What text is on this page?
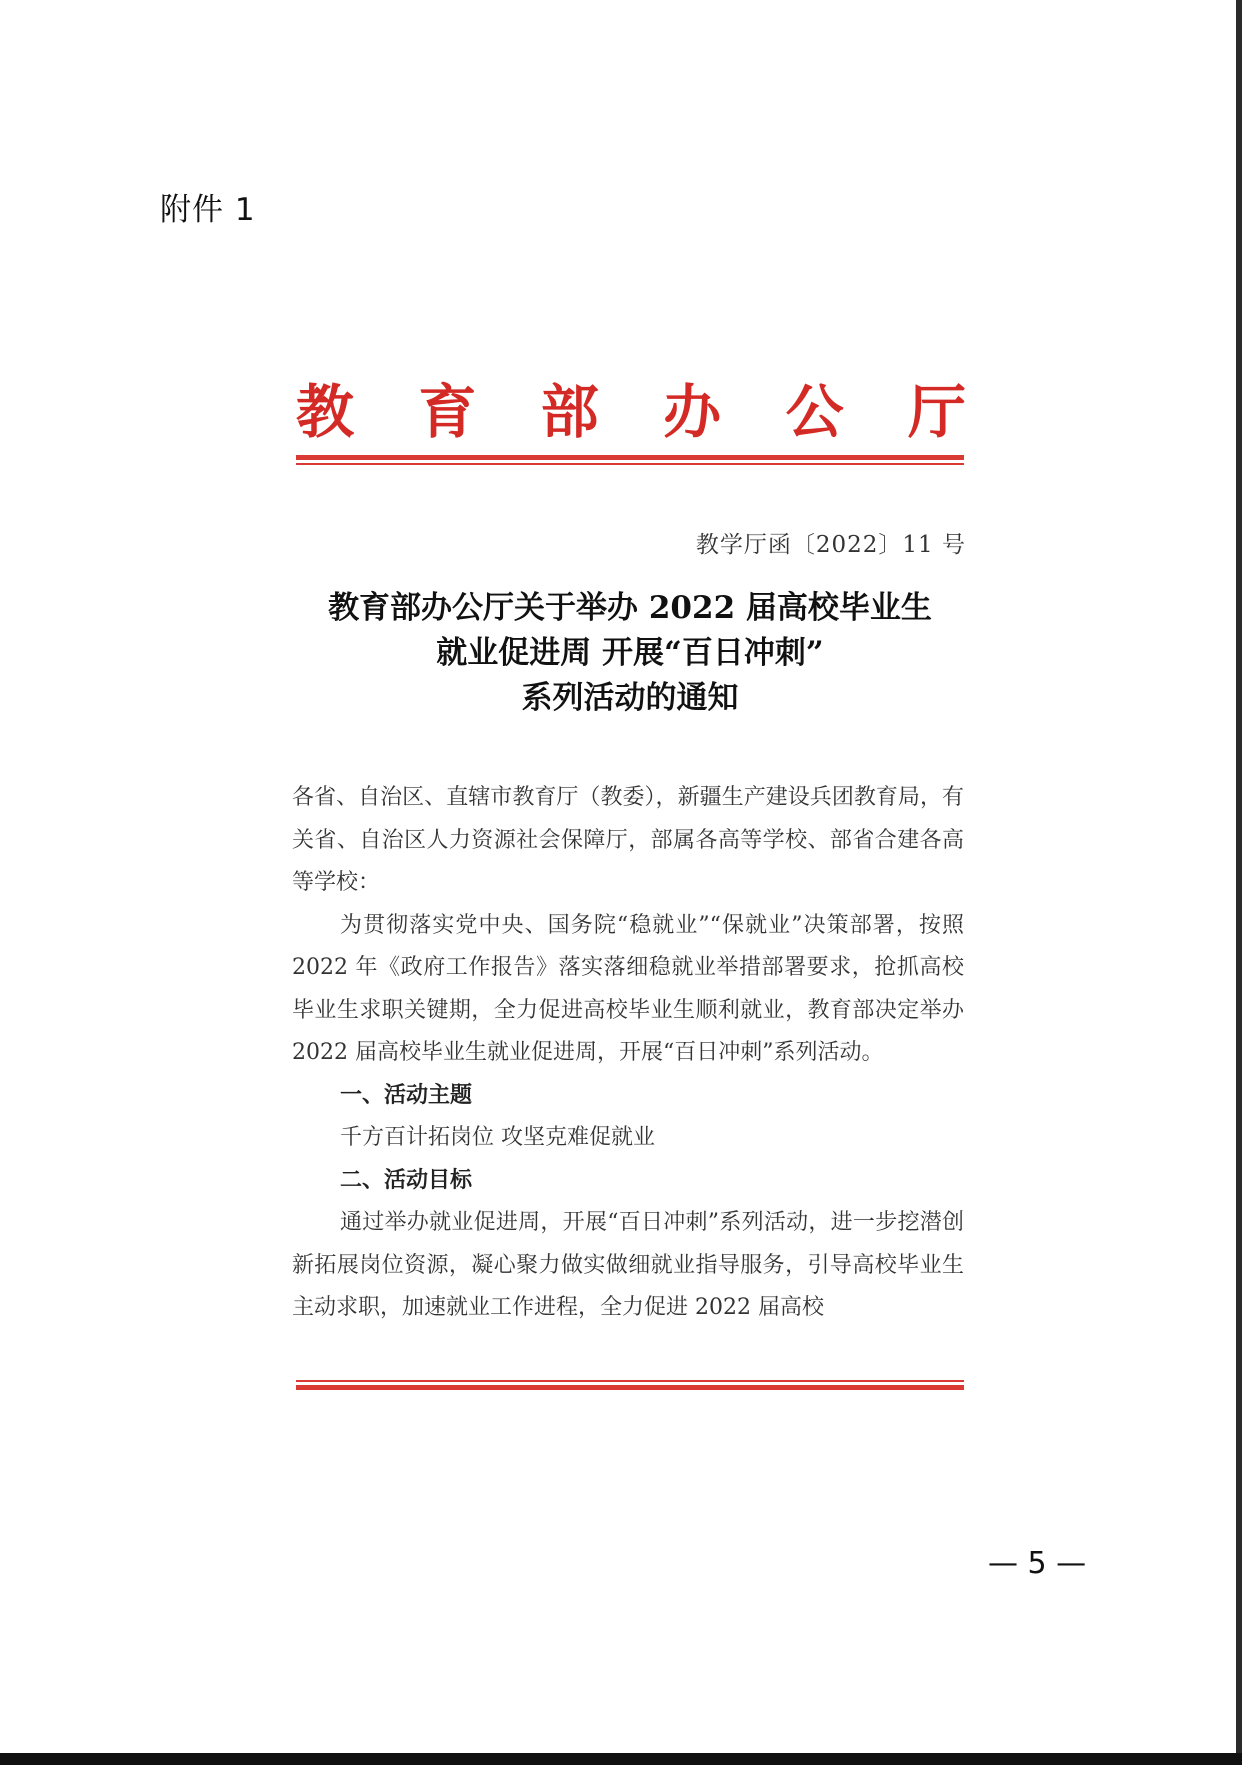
附件 1
教 育 部 办 公 厅
教学厅函〔2022〕11 号
教育部办公厅关于举办 2022 届高校毕业生
就业促进周 开展“百日冲刺”
系列活动的通知

各省、自治区、直辖市教育厅（教委），新疆生产建设兵团教育局，有关省、自治区人力资源社会保障厅，部属各高等学校、部省合建各高等学校：

为贯彻落实党中央、国务院“稳就业”“保就业”决策部署，按照 2022 年《政府工作报告》落实落细稳就业举措部署要求，抢抓高校毕业生求职关键期，全力促进高校毕业生顺利就业，教育部决定举办 2022 届高校毕业生就业促进周，开展“百日冲刺”系列活动。

一、活动主题

千方百计拓岗位 攻坚克难促就业

二、活动目标

通过举办就业促进周，开展“百日冲刺”系列活动，进一步挖潜创新拓展岗位资源，凝心聚力做实做细就业指导服务，引导高校毕业生主动求职，加速就业工作进程，全力促进 2022 届高校

— 5 —
